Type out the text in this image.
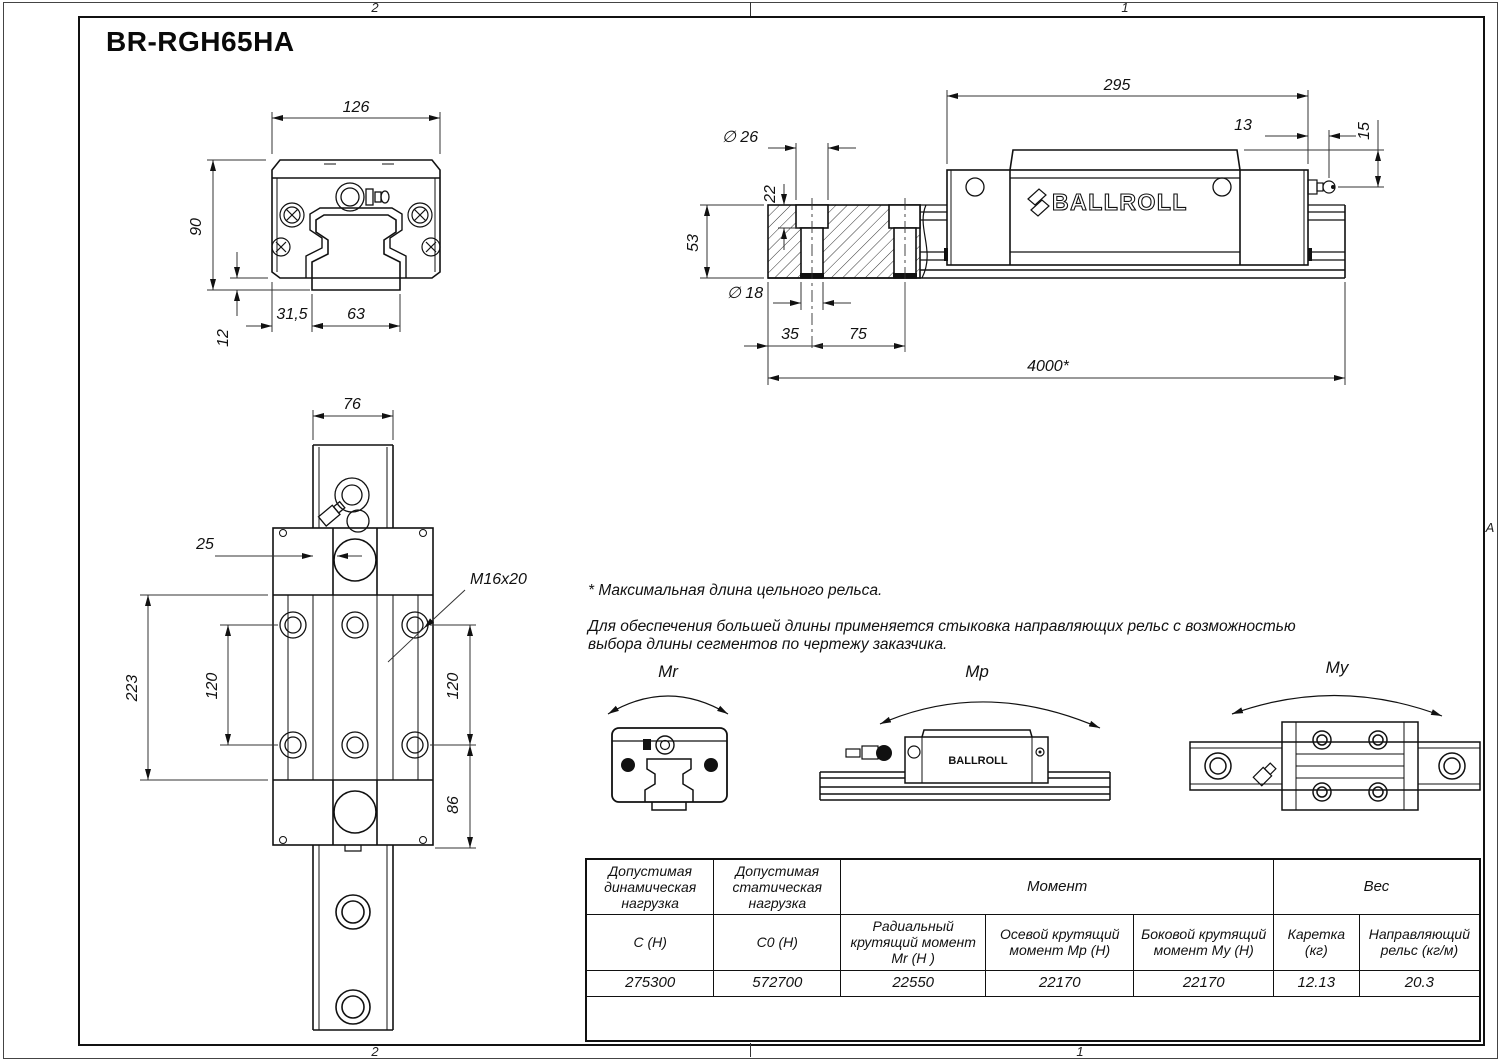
2	1
2	1
A
BR-RGH65HA
126
90
12
31,5 63
BALLROLL
295
13	15
∅ 26
22
53
∅ 18
35	75
4000*
76
25
M16x20
223	120	120
86
Mr	Mp
BALLROLL
My
* Максимальная длина цельного рельса.
Для обеспечения большей длины применяется стыковка направляющих рельс с возможностью
выбора длины сегментов по чертежу заказчика.
Допустимая динамическая нагрузка	Допустимая статическая нагрузка	Момент			Вес	
C (H)	C0 (H)	Радиальный крутящий момент Mr (H )	Осевой крутящий момент Мр (Н)	Боковой крутящий момент Му (Н)	Каретка (кг)	Направляющий рельс (кг/м)
275300	572700	22550	22170	22170	12.13	20.3
